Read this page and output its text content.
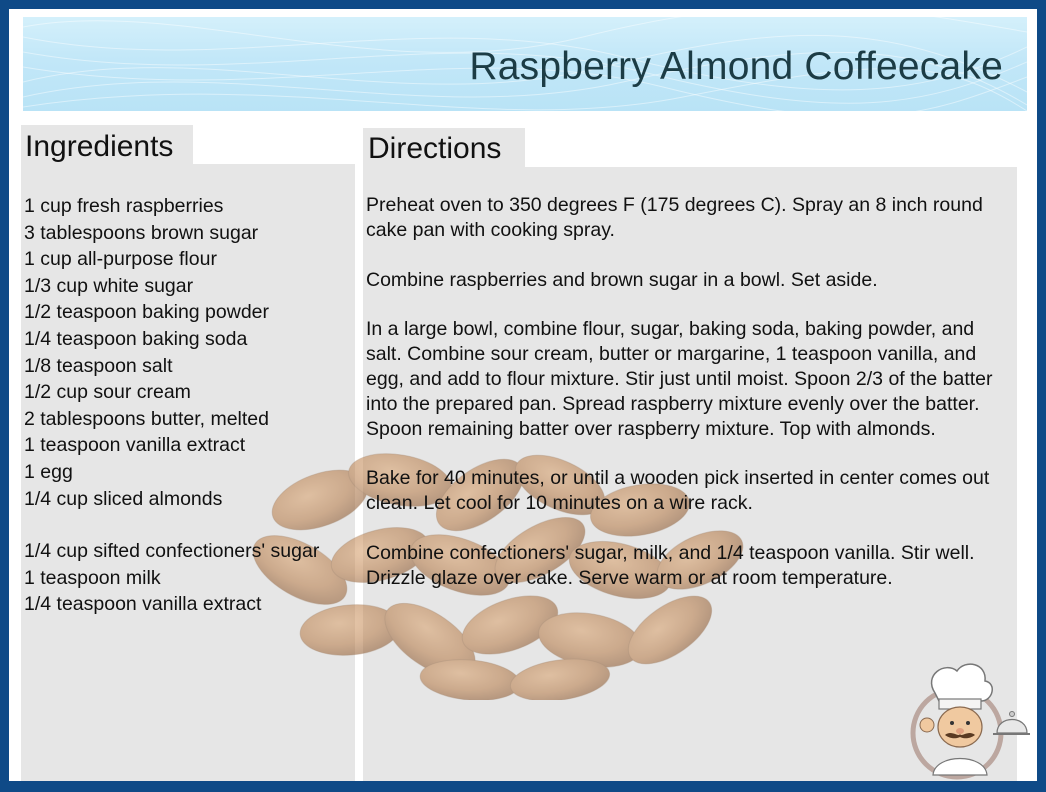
Raspberry Almond Coffeecake
Ingredients	Directions
1 cup fresh raspberries
3 tablespoons brown sugar
1 cup all-purpose flour
1/3 cup white sugar
1/2 teaspoon baking powder
1/4 teaspoon baking soda
1/8 teaspoon salt
1/2 cup sour cream
2 tablespoons butter, melted
1 teaspoon vanilla extract
1 egg
1/4 cup sliced almonds
1/4 cup sifted confectioners' sugar
1 teaspoon milk
1/4 teaspoon vanilla extract

Preheat oven to 350 degrees F (175 degrees C). Spray an 8 inch round cake pan with cooking spray.

Combine raspberries and brown sugar in a bowl. Set aside.

In a large bowl, combine flour, sugar, baking soda, baking powder, and salt. Combine sour cream, butter or margarine, 1 teaspoon vanilla, and egg, and add to flour mixture. Stir just until moist. Spoon 2/3 of the batter into the prepared pan. Spread raspberry mixture evenly over the batter. Spoon remaining batter over raspberry mixture. Top with almonds.

Bake for 40 minutes, or until a wooden pick inserted in center comes out clean. Let cool for 10 minutes on a wire rack.

Combine confectioners' sugar, milk, and 1/4 teaspoon vanilla. Stir well. Drizzle glaze over cake. Serve warm or at room temperature.
